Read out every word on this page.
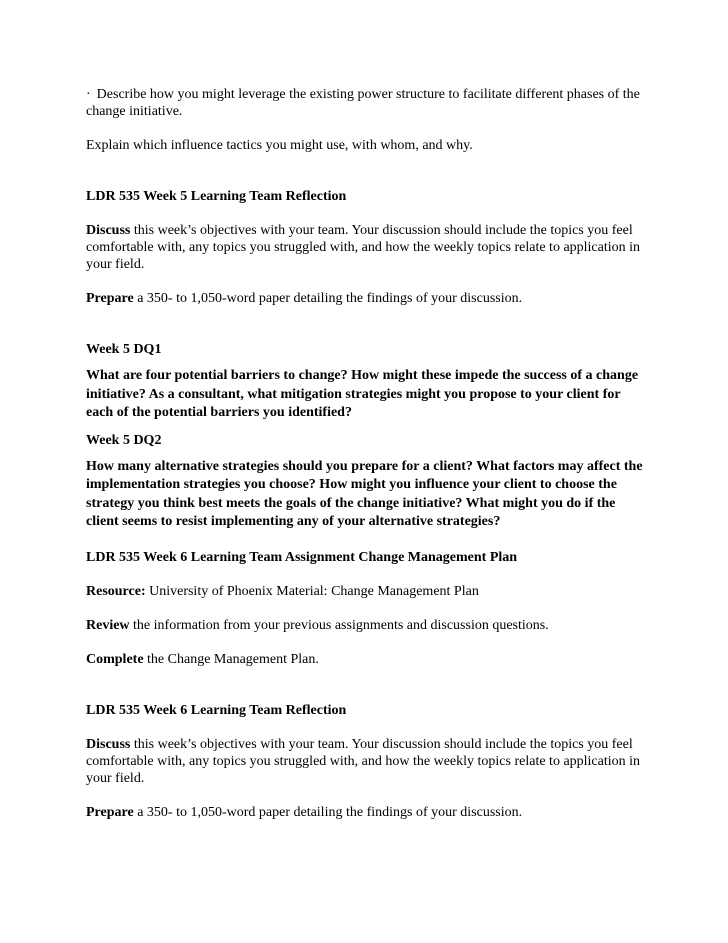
· Describe how you might leverage the existing power structure to facilitate different phases of the change initiative.

Explain which influence tactics you might use, with whom, and why.

LDR 535 Week 5 Learning Team Reflection

Discuss this week’s objectives with your team. Your discussion should include the topics you feel comfortable with, any topics you struggled with, and how the weekly topics relate to application in your field.

Prepare a 350- to 1,050-word paper detailing the findings of your discussion.

Week 5 DQ1

What are four potential barriers to change? How might these impede the success of a change initiative? As a consultant, what mitigation strategies might you propose to your client for each of the potential barriers you identified?

Week 5 DQ2

How many alternative strategies should you prepare for a client? What factors may affect the implementation strategies you choose? How might you influence your client to choose the strategy you think best meets the goals of the change initiative? What might you do if the client seems to resist implementing any of your alternative strategies?

LDR 535 Week 6 Learning Team Assignment Change Management Plan

Resource: University of Phoenix Material: Change Management Plan

Review the information from your previous assignments and discussion questions.

Complete the Change Management Plan.

LDR 535 Week 6 Learning Team Reflection

Discuss this week’s objectives with your team. Your discussion should include the topics you feel comfortable with, any topics you struggled with, and how the weekly topics relate to application in your field.

Prepare a 350- to 1,050-word paper detailing the findings of your discussion.
